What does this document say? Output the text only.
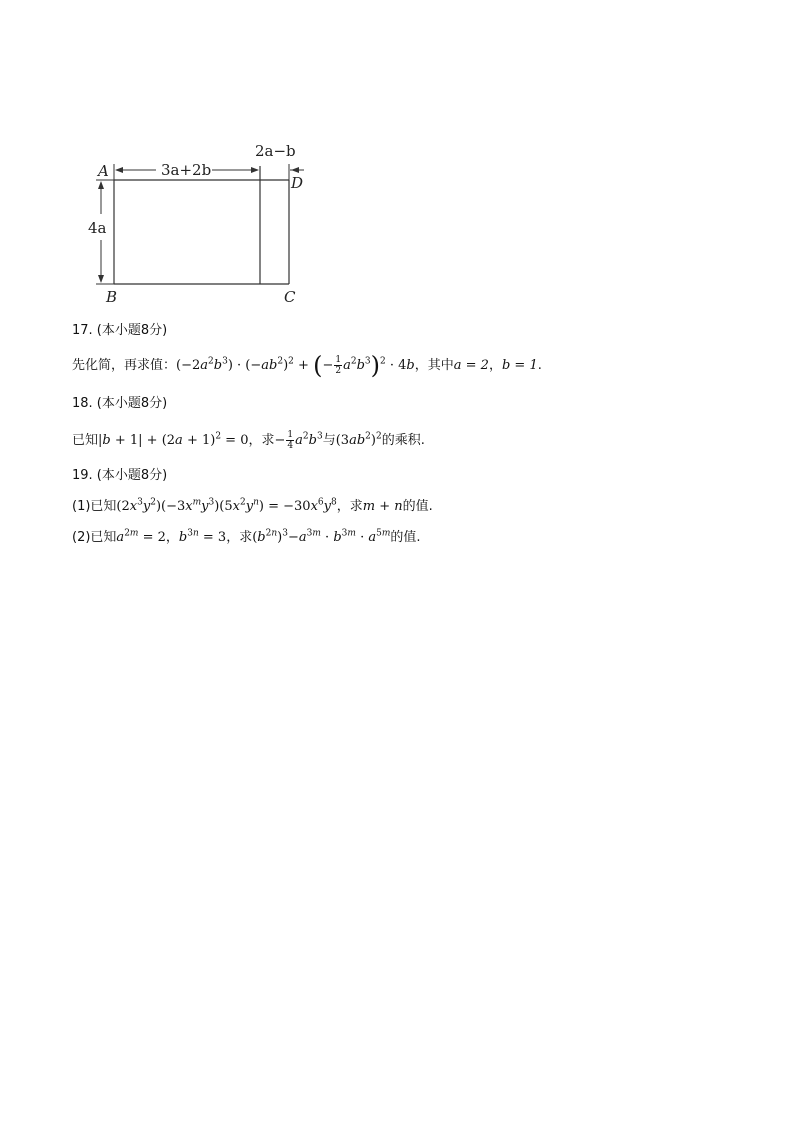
A
B	C
D
3a+2b
2a−b
4a
17. (本小题8分)
先化简，再求值：$(-2a^2b^3) \cdot (-ab^2)^2$ + (− $\frac{1}{2} a^2b^3)^2 \cdot 4b$，其中a = 2，b = 1.
18. (本小题8分)
已知$|b + 1| + (2a + 1)^2 = 0$，求− $\frac{1}{4} a^2b^3$与$(3ab^2)^2$的乘积.
19. (本小题8分)
(1)已知$(2x^3y^2)(-3x^my^3)(5x^2y^n) = -30x^6y^8$，求m + n的值.
(2)已知$a^{2m} = 2$，$b^{3n} = 3$，求$(b^{2n})^3-a^{3m} \cdot b^{3m} \cdot a^{5m}$的值.
